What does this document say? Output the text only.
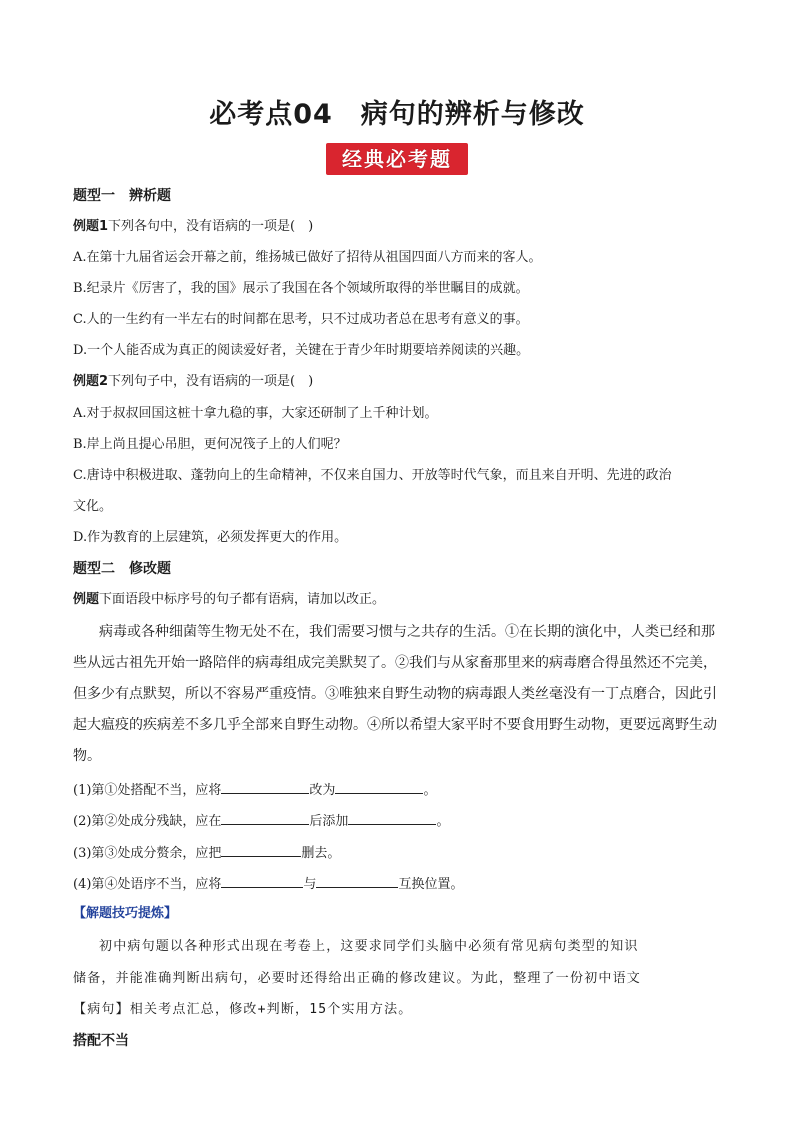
必考点04　病句的辨析与修改
经典必考题
题型一　辨析题
例题1下列各句中，没有语病的一项是(　)
A.在第十九届省运会开幕之前，维扬城已做好了招待从祖国四面八方而来的客人。
B.纪录片《厉害了，我的国》展示了我国在各个领域所取得的举世瞩目的成就。
C.人的一生约有一半左右的时间都在思考，只不过成功者总在思考有意义的事。
D.一个人能否成为真正的阅读爱好者，关键在于青少年时期要培养阅读的兴趣。
例题2下列句子中，没有语病的一项是(　)
A.对于叔叔回国这桩十拿九稳的事，大家还研制了上千种计划。
B.岸上尚且提心吊胆，更何况筏子上的人们呢？
C.唐诗中积极进取、蓬勃向上的生命精神，不仅来自国力、开放等时代气象，而且来自开明、先进的政治
文化。
D.作为教育的上层建筑，必须发挥更大的作用。
题型二　修改题
例题下面语段中标序号的句子都有语病，请加以改正。
病毒或各种细菌等生物无处不在，我们需要习惯与之共存的生活。①在长期的演化中，人类已经和那
些从远古祖先开始一路陪伴的病毒组成完美默契了。②我们与从家畜那里来的病毒磨合得虽然还不完美，
但多少有点默契，所以不容易严重疫情。③唯独来自野生动物的病毒跟人类丝毫没有一丁点磨合，因此引
起大瘟疫的疾病差不多几乎全部来自野生动物。④所以希望大家平时不要食用野生动物，更要远离野生动
物。
(1)第①处搭配不当，应将	改为	。
(2)第②处成分残缺，应在	后添加	。
(3)第③处成分赘余，应把	删去。
(4)第④处语序不当，应将	与	互换位置。
【解题技巧提炼】
初中病句题以各种形式出现在考卷上，这要求同学们头脑中必须有常见病句类型的知识
储备，并能准确判断出病句，必要时还得给出正确的修改建议。为此，整理了一份初中语文
【病句】相关考点汇总，修改+判断，15个实用方法。
搭配不当
